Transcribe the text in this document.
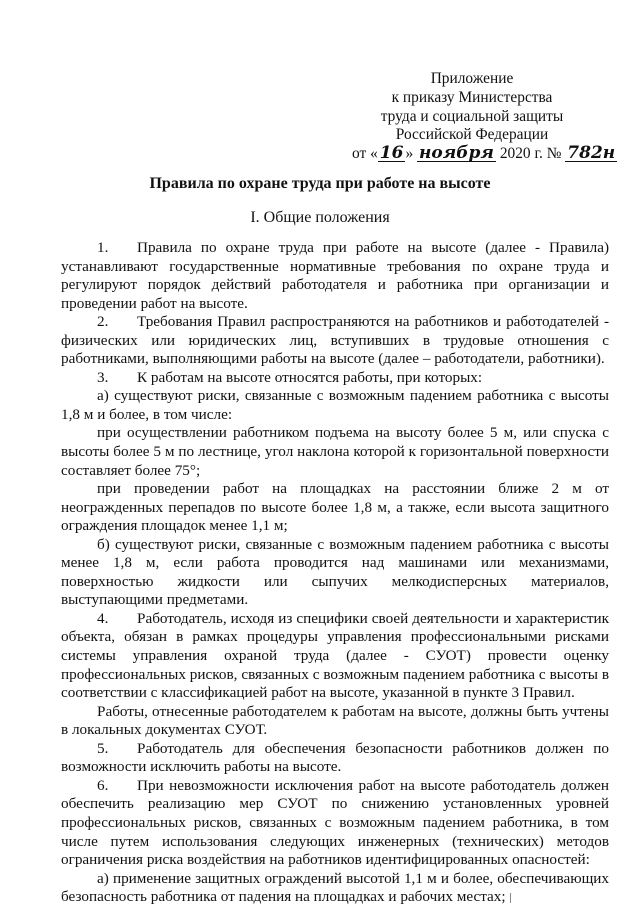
Приложение
к приказу Министерства
труда и социальной защиты
Российской Федерации
от « 16 » ноября 2020 г. № 782н
Правила по охране труда при работе на высоте
I. Общие положения

1. Правила по охране труда при работе на высоте (далее - Правила) устанавливают государственные нормативные требования по охране труда и регулируют порядок действий работодателя и работника при организации и проведении работ на высоте.

2. Требования Правил распространяются на работников и работодателей - физических или юридических лиц, вступивших в трудовые отношения с работниками, выполняющими работы на высоте (далее – работодатели, работники).

3. К работам на высоте относятся работы, при которых:

а) существуют риски, связанные с возможным падением работника с высоты 1,8 м и более, в том числе:

при осуществлении работником подъема на высоту более 5 м, или спуска с высоты более 5 м по лестнице, угол наклона которой к горизонтальной поверхности составляет более 75°;

при проведении работ на площадках на расстоянии ближе 2 м от неогражденных перепадов по высоте более 1,8 м, а также, если высота защитного ограждения площадок менее 1,1 м;

б) существуют риски, связанные с возможным падением работника с высоты менее 1,8 м, если работа проводится над машинами или механизмами, поверхностью жидкости или сыпучих мелкодисперсных материалов, выступающими предметами.

4. Работодатель, исходя из специфики своей деятельности и характеристик объекта, обязан в рамках процедуры управления профессиональными рисками системы управления охраной труда (далее - СУОТ) провести оценку профессиональных рисков, связанных с возможным падением работника с высоты в соответствии с классификацией работ на высоте, указанной в пункте 3 Правил.

Работы, отнесенные работодателем к работам на высоте, должны быть учтены в локальных документах СУОТ.

5. Работодатель для обеспечения безопасности работников должен по возможности исключить работы на высоте.

6. При невозможности исключения работ на высоте работодатель должен обеспечить реализацию мер СУОТ по снижению установленных уровней профессиональных рисков, связанных с возможным падением работника, в том числе путем использования следующих инженерных (технических) методов ограничения риска воздействия на работников идентифицированных опасностей:

а) применение защитных ограждений высотой 1,1 м и более, обеспечивающих безопасность работника от падения на площадках и рабочих местах;
